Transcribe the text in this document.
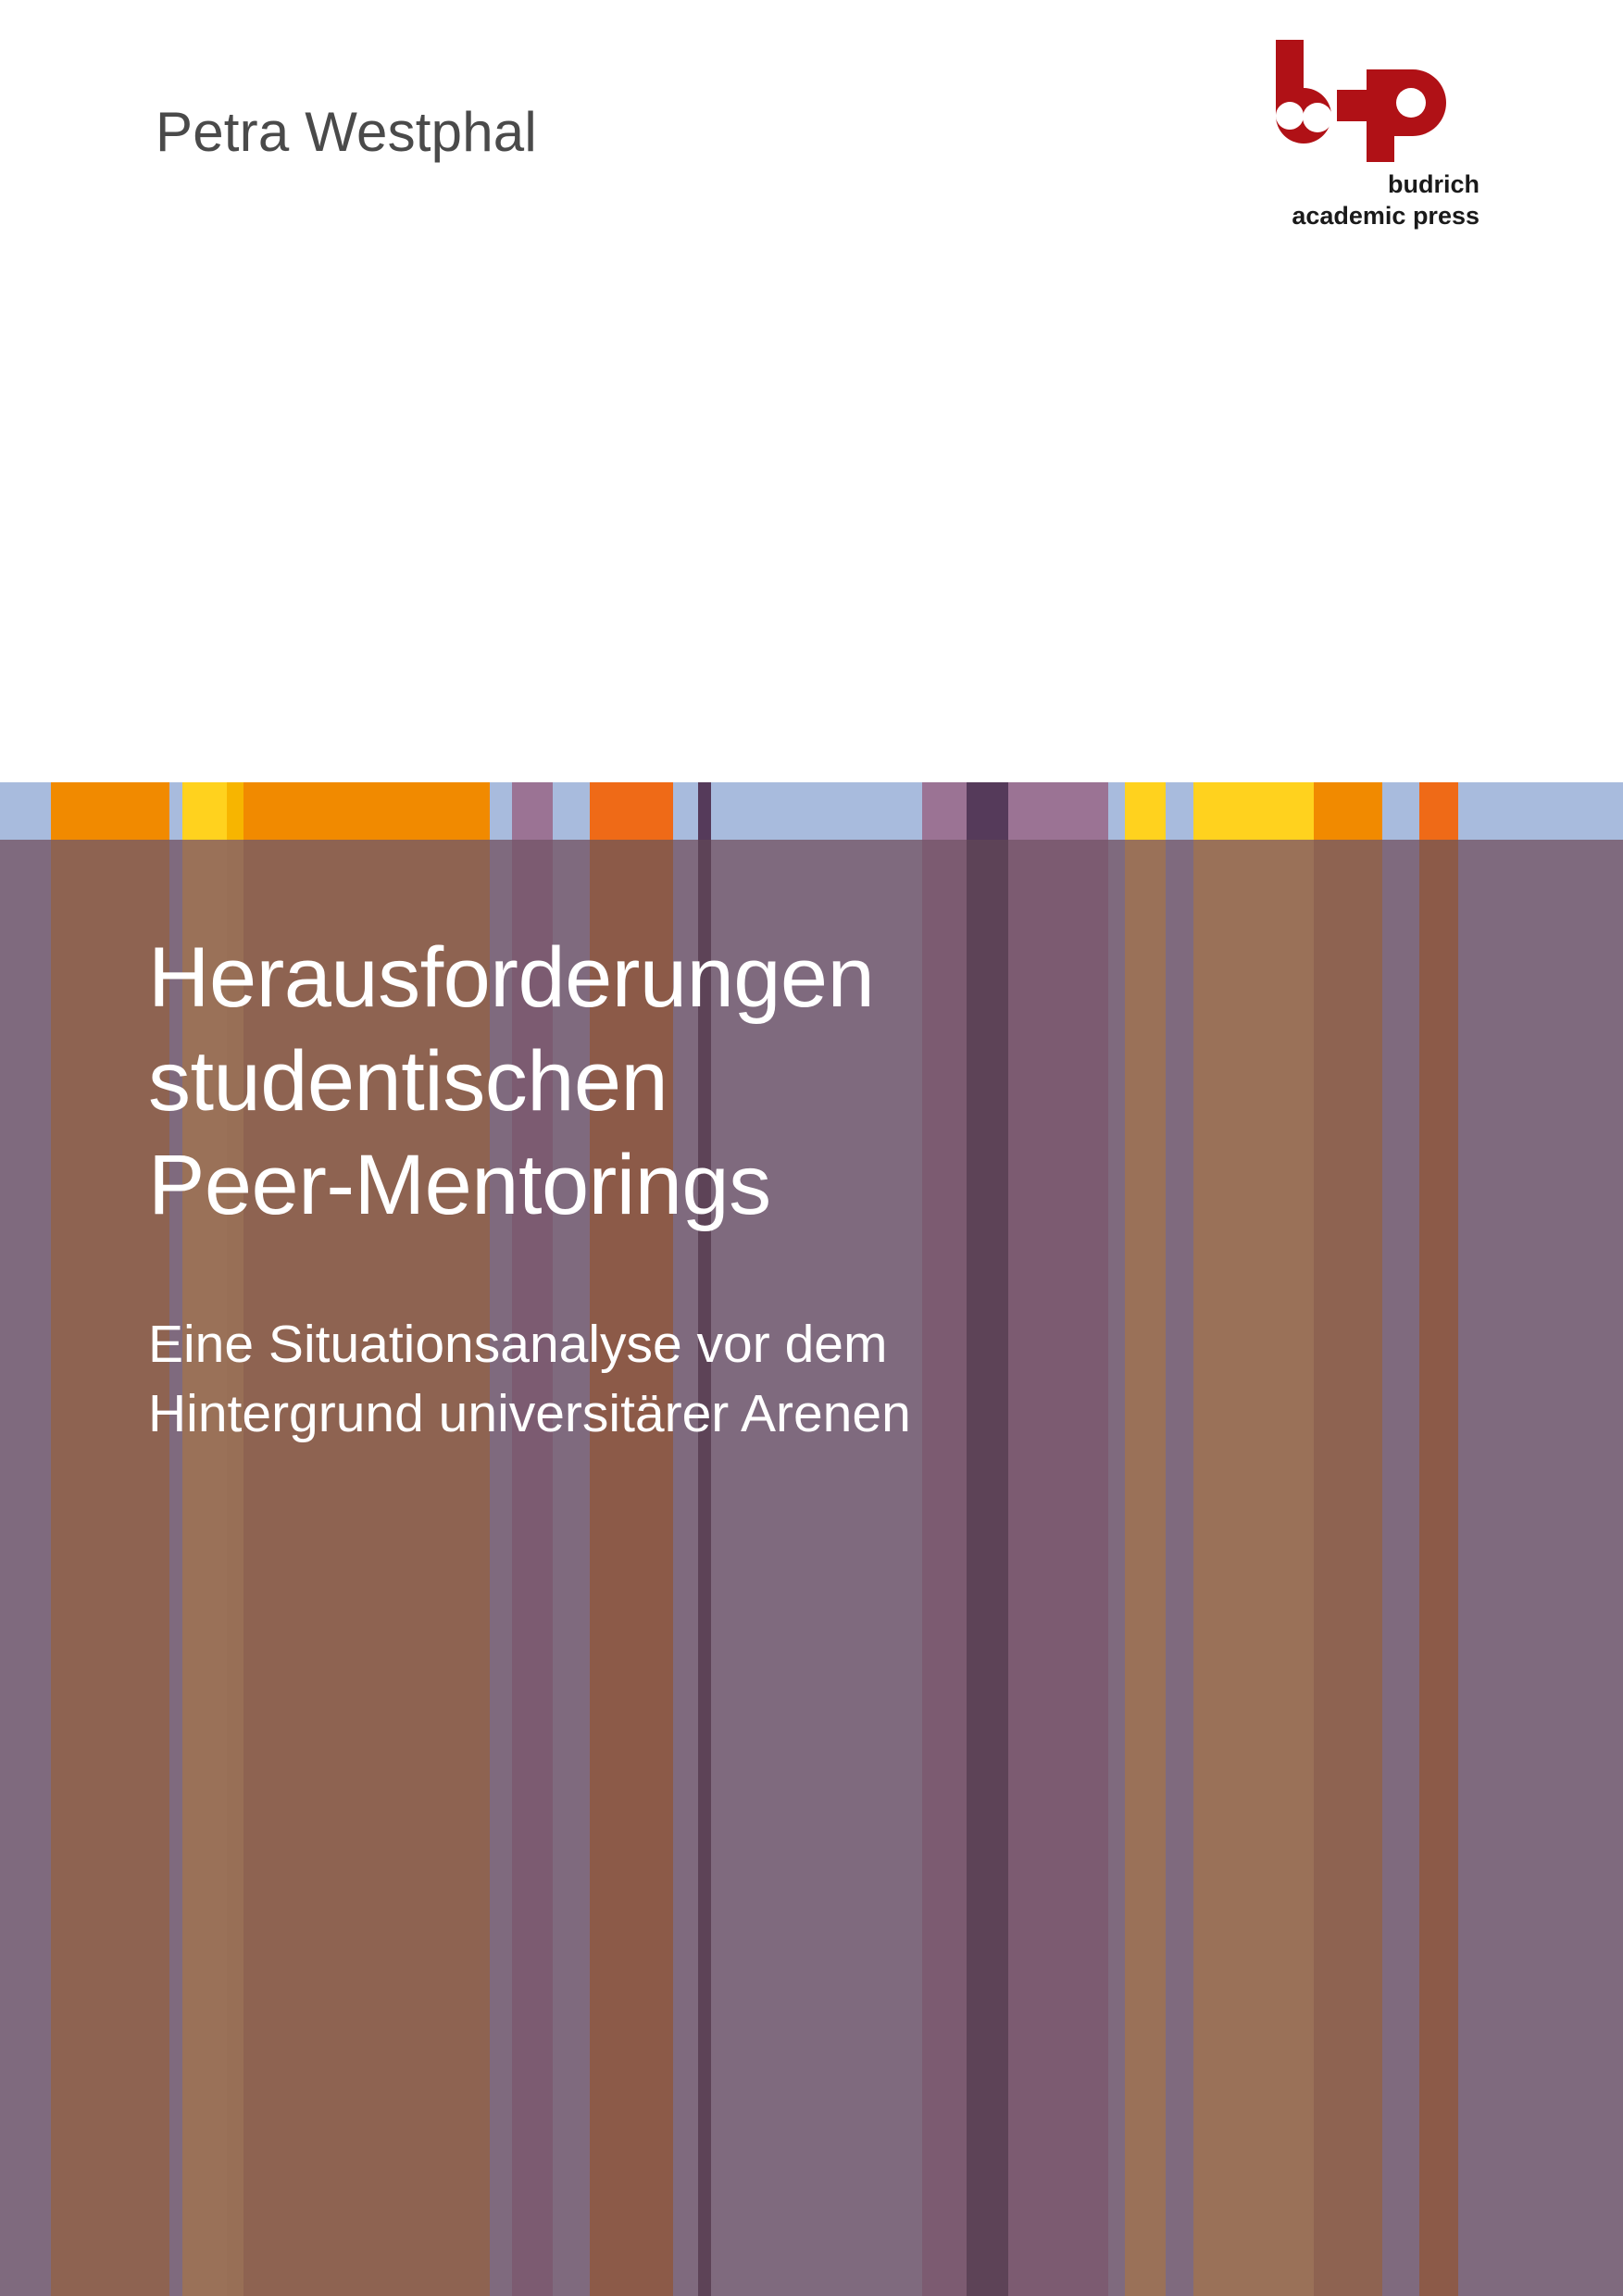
Petra Westphal
budrich
academic press
Herausforderungen
studentischen
Peer-Mentorings
Eine Situationsanalyse vor dem
Hintergrund universitärer Arenen
